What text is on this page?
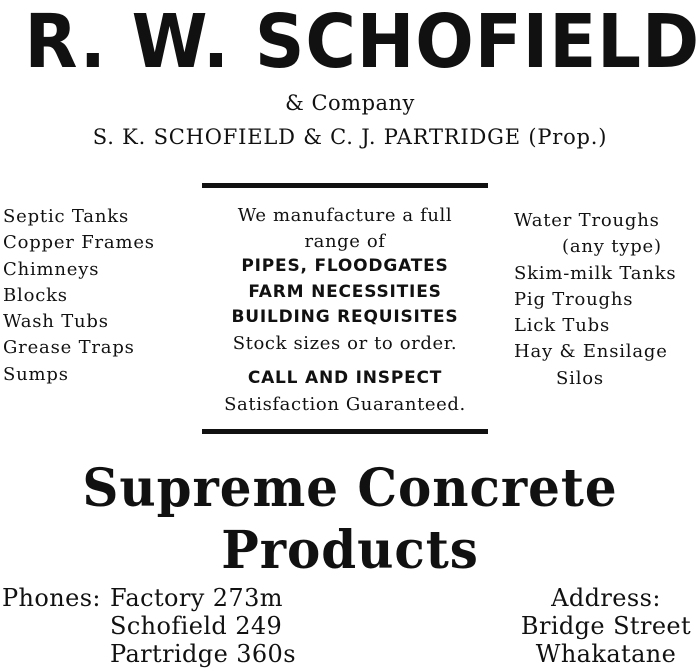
R. W. SCHOFIELD
& Company
S. K. SCHOFIELD & C. J. PARTRIDGE (Prop.)
Septic Tanks
Copper Frames
Chimneys
Blocks
Wash Tubs
Grease Traps
Sumps
We manufacture a full
range of
PIPES, FLOODGATES
FARM NECESSITIES
BUILDING REQUISITES
Stock sizes or to order.
CALL AND INSPECT
Satisfaction Guaranteed.
Water Troughs
(any type)
Skim-milk Tanks
Pig Troughs
Lick Tubs
Hay & Ensilage
Silos
Supreme Concrete
Products
Phones: Factory 273m
Schofield 249
Partridge 360s
Address:
Bridge Street
Whakatane
